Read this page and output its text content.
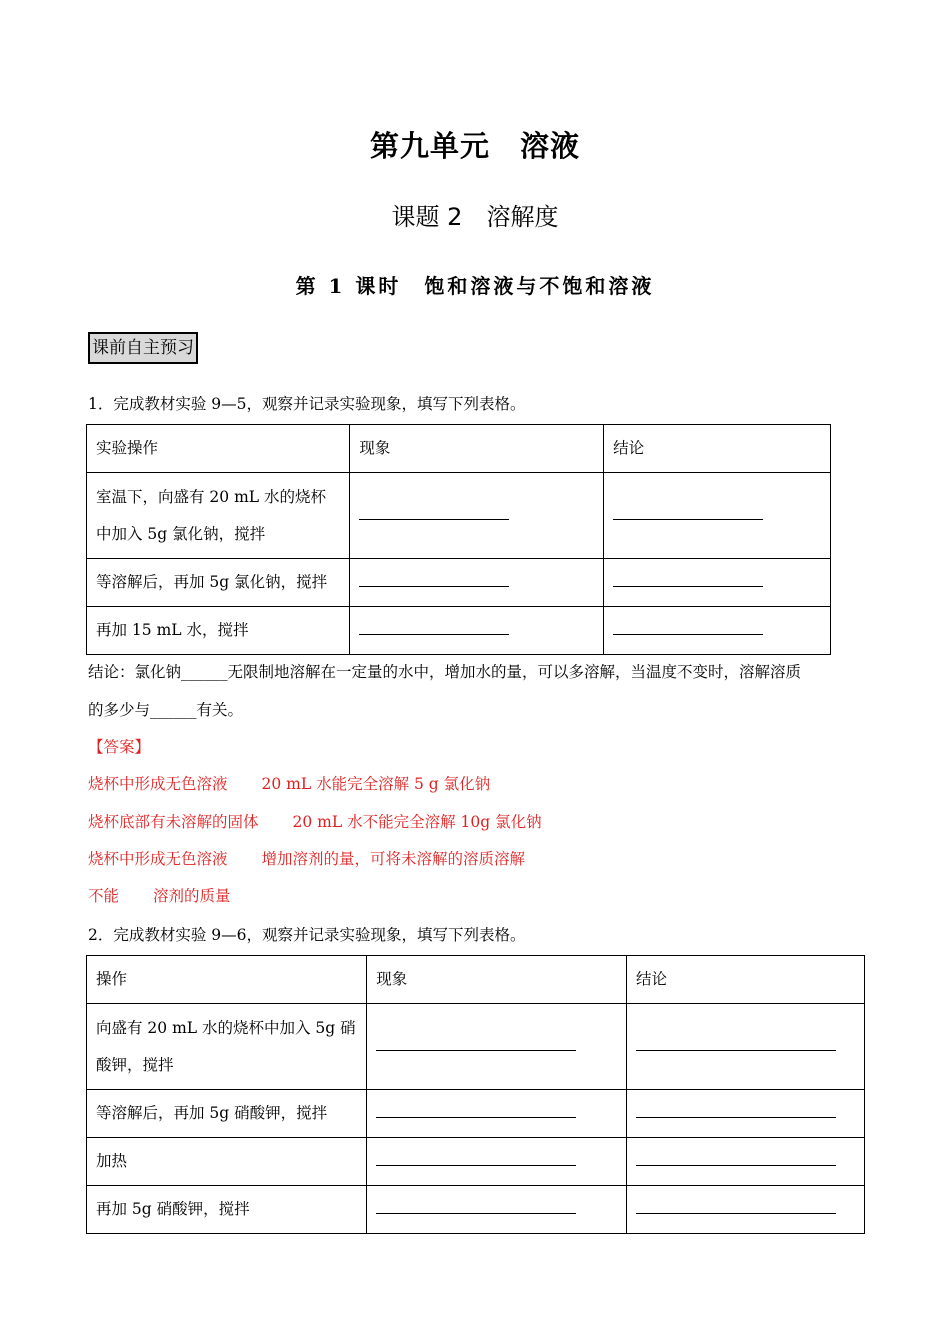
第九单元　溶液
课题 2　溶解度
第 1 课时　饱和溶液与不饱和溶液
课前自主预习
1．完成教材实验 9—5，观察并记录实验现象，填写下列表格。
实验操作	现象	结论

室温下，向盛有 20 mL 水的烧杯
中加入 5g 氯化钠，搅拌		

等溶解后，再加 5g 氯化钠，搅拌		
再加 15 mL 水，搅拌		
结论：氯化钠______无限制地溶解在一定量的水中，增加水的量，可以多溶解，当温度不变时，溶解溶质
的多少与______有关。
【答案】
烧杯中形成无色溶液 20 mL 水能完全溶解 5 g 氯化钠
烧杯底部有未溶解的固体 20 mL 水不能完全溶解 10g 氯化钠
烧杯中形成无色溶液 增加溶剂的量，可将未溶解的溶质溶解
不能 溶剂的质量
2．完成教材实验 9—6，观察并记录实验现象，填写下列表格。
操作	现象	结论

向盛有 20 mL 水的烧杯中加入 5g 硝
酸钾，搅拌		

等溶解后，再加 5g 硝酸钾，搅拌		
加热		
再加 5g 硝酸钾，搅拌		
